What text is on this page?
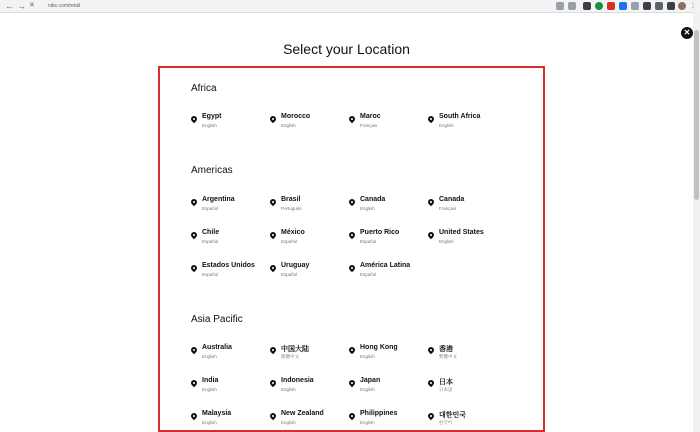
← → ✕	nike.com/retail	⋮
✕
Select your Location
Africa
Americas
Asia Pacific
Egypt
English
Morocco
English
Maroc
Français
South Africa
English
Argentina
Español
Brasil
Português
Canada
English
Canada
Français
Chile
Español
México
Español
Puerto Rico
Español
United States
English
Estados Unidos
Español
Uruguay
Español
América Latina
Español
Australia
English
中国大陆
簡體中文
Hong Kong
English
香港
繁體中文
India
English
Indonesia
English
Japan
English
日本
日本語
Malaysia
English
New Zealand
English
Philippines
English
대한민국
한국어
